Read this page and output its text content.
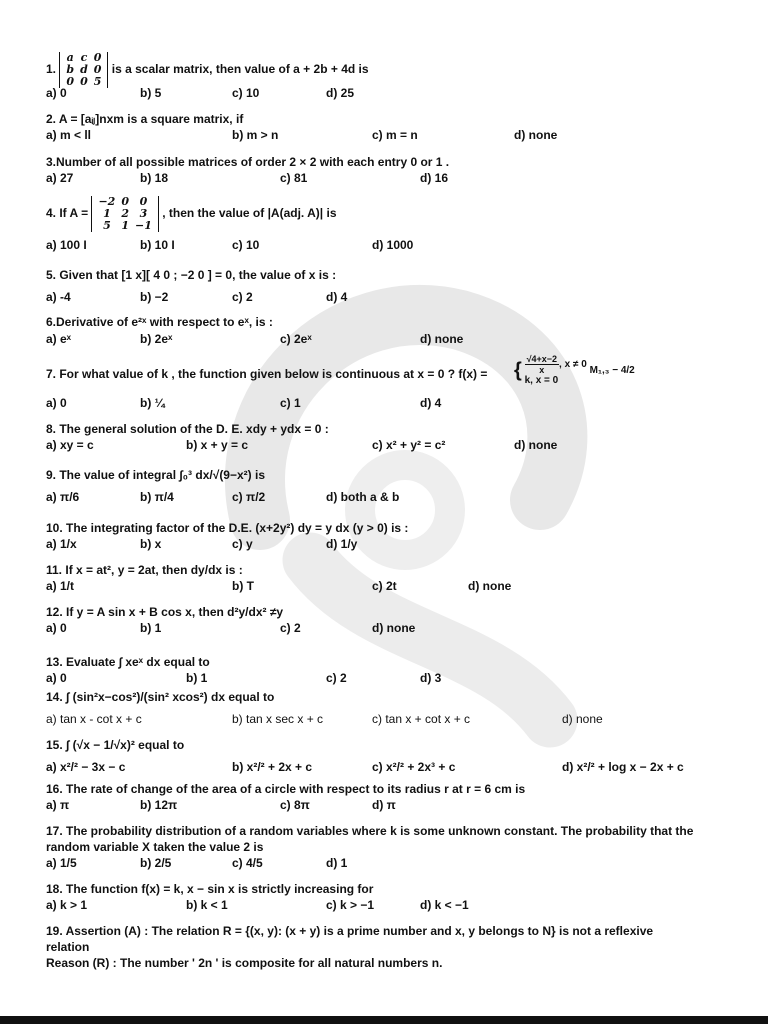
1.
a	c	0
b	d	0
0	0	5
is a scalar matrix, then value of a + 2b + 4d is
a) 0	b) 5	c) 10	d) 25
2. A = [aᵢⱼ]nxm is a square matrix, if
a) m < ll	b) m > n	c) m = n	d) none
3.Number of all possible matrices of order 2 × 2 with each entry 0 or 1 .
a) 27	b) 18	c) 81	d) 16
4. If A =
−2	0	0
1	2	3
5	1	−1
, then the value of |A(adj. A)| is
a) 100 I	b) 10 I	c) 10	d) 1000
5. Given that [1 x][ 4 0 ; −2 0 ] = 0, the value of x is :
a) -4	b) −2	c) 2	d) 4
6.Derivative of e²ˣ with respect to eˣ, is :
a) eˣ	b) 2eˣ	c) 2eˣ	d) none
7. For what value of k , the function given below is continuous at x = 0 ? f(x) = { $\frac{√4+x-2}{x}$ , x ≠ 0
k, x = 0 M₁,₃ − 4/2
a) 0	b) ¼	c) 1	d) 4
8. The general solution of the D. E. xdy + ydx = 0 :
a) xy = c	b) x + y = c	c) x² + y² = c²	d) none
9. The value of integral ∫₀³ dx/√(9−x²) is
a) π/6	b) π/4	c) π/2	d) both a & b
10. The integrating factor of the D.E. (x+2y²) dy = y dx (y > 0) is :
a) 1/x	b) x	c) y	d) 1/y
11. If x = at², y = 2at, then dy/dx is :
a) 1/t	b) T	c) 2t	d) none
12. If y = A sin x + B cos x, then d²y/dx² ≠y
a) 0	b) 1	c) 2	d) none
13. Evaluate ∫ xeˣ dx equal to
a) 0	b) 1	c) 2	d) 3
14. ∫ (sin²x−cos²)/(sin² xcos²) dx equal to
a) tan x - cot x + c	b) tan x sec x + c	c) tan x + cot x + c	d) none
15. ∫ (√x − 1/√x)² equal to
a) x²/² − 3x − c	b) x²/² + 2x + c	c) x²/² + 2x³ + c	d) x²/² + log x − 2x + c
16. The rate of change of the area of a circle with respect to its radius r at r = 6 cm is
a) π	b) 12π	c) 8π	d) π
17. The probability distribution of a random variables where k is some unknown constant. The probability that the
random variable X taken the value 2 is
a) 1/5	b) 2/5	c) 4/5	d) 1
18. The function f(x) = k, x − sin x is strictly increasing for
a) k > 1	b) k < 1	c) k > −1	d) k < −1
19. Assertion (A) : The relation R = {(x, y): (x + y) is a prime number and x, y belongs to N} is not a reflexive
relation
Reason (R) : The number ' 2n ' is composite for all natural numbers n.
